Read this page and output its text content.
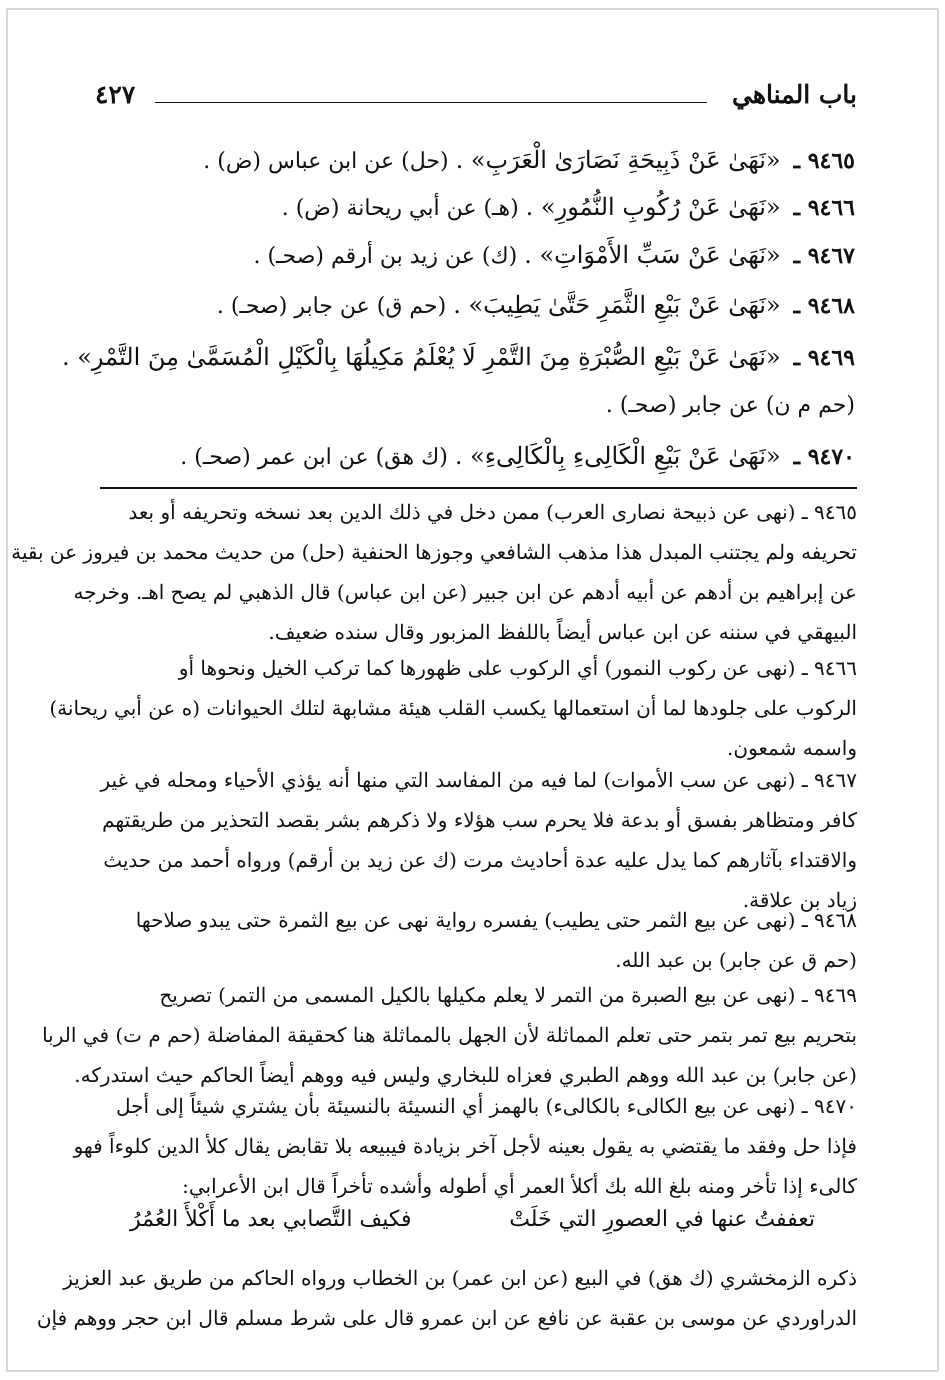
باب المناهي
٤٢٧
٩٤٦٥ ـ «نَهَىٰ عَنْ ذَبِيحَةِ نَصَارَىٰ الْعَرَبِ» . (حل) عن ابن عباس (ض) .
٩٤٦٦ ـ «نَهَىٰ عَنْ رُكُوبِ النُّمُورِ» . (هـ) عن أبي ريحانة (ض) .
٩٤٦٧ ـ «نَهَىٰ عَنْ سَبِّ الأَمْوَاتِ» . (ك) عن زيد بن أرقم (صحـ) .
٩٤٦٨ ـ «نَهَىٰ عَنْ بَيْعِ الثَّمَرِ حَتَّىٰ يَطِيبَ» . (حم ق) عن جابر (صحـ) .
٩٤٦٩ ـ «نَهَىٰ عَنْ بَيْعِ الصُّبْرَةِ مِنَ التَّمْرِ لَا يُعْلَمُ مَكِيلُهَا بِالْكَيْلِ الْمُسَمَّىٰ مِنَ التَّمْرِ» .
(حم م ن) عن جابر (صحـ) .
٩٤٧٠ ـ «نَهَىٰ عَنْ بَيْعِ الْكَالِىءِ بِالْكَالِىءِ» . (ك هق) عن ابن عمر (صحـ) .
٩٤٦٥ ـ (نهى عن ذبيحة نصارى العرب) ممن دخل في ذلك الدين بعد نسخه وتحريفه أو بعد
تحريفه ولم يجتنب المبدل هذا مذهب الشافعي وجوزها الحنفية (حل) من حديث محمد بن فيروز عن بقية
عن إبراهيم بن أدهم عن أبيه أدهم عن ابن جبير (عن ابن عباس) قال الذهبي لم يصح اهـ. وخرجه
البيهقي في سننه عن ابن عباس أيضاً باللفظ المزبور وقال سنده ضعيف.
٩٤٦٦ ـ (نهى عن ركوب النمور) أي الركوب على ظهورها كما تركب الخيل ونحوها أو
الركوب على جلودها لما أن استعمالها يكسب القلب هيئة مشابهة لتلك الحيوانات (ه عن أبي ريحانة)
واسمه شمعون.
٩٤٦٧ ـ (نهى عن سب الأموات) لما فيه من المفاسد التي منها أنه يؤذي الأحياء ومحله في غير
كافر ومتظاهر بفسق أو بدعة فلا يحرم سب هؤلاء ولا ذكرهم بشر بقصد التحذير من طريقتهم
والاقتداء بآثارهم كما يدل عليه عدة أحاديث مرت (ك عن زيد بن أرقم) ورواه أحمد من حديث
زياد بن علاقة.
٩٤٦٨ ـ (نهى عن بيع الثمر حتى يطيب) يفسره رواية نهى عن بيع الثمرة حتى يبدو صلاحها
(حم ق عن جابر) بن عبد الله.
٩٤٦٩ ـ (نهى عن بيع الصبرة من التمر لا يعلم مكيلها بالكيل المسمى من التمر) تصريح
بتحريم بيع تمر بتمر حتى تعلم المماثلة لأن الجهل بالمماثلة هنا كحقيقة المفاضلة (حم م ت) في الربا
(عن جابر) بن عبد الله ووهم الطبري فعزاه للبخاري وليس فيه ووهم أيضاً الحاكم حيث استدركه.
٩٤٧٠ ـ (نهى عن بيع الكالىء بالكالىء) بالهمز أي النسيئة بالنسيئة بأن يشتري شيئاً إلى أجل
فإذا حل وفقد ما يقتضي به يقول بعينه لأجل آخر بزيادة فيبيعه بلا تقابض يقال كلأ الدين كلوءاً فهو
كالىء إذا تأخر ومنه بلغ الله بك أكلأ العمر أي أطوله وأشده تأخراً قال ابن الأعرابي:
تعففتُ عنها في العصورِ التي خَلَتْ
فكيف التَّصابي بعد ما أَكْلأَ العُمُرُ
ذكره الزمخشري (ك هق) في البيع (عن ابن عمر) بن الخطاب ورواه الحاكم من طريق عبد العزيز
الدراوردي عن موسى بن عقبة عن نافع عن ابن عمرو قال على شرط مسلم قال ابن حجر ووهم فإن
